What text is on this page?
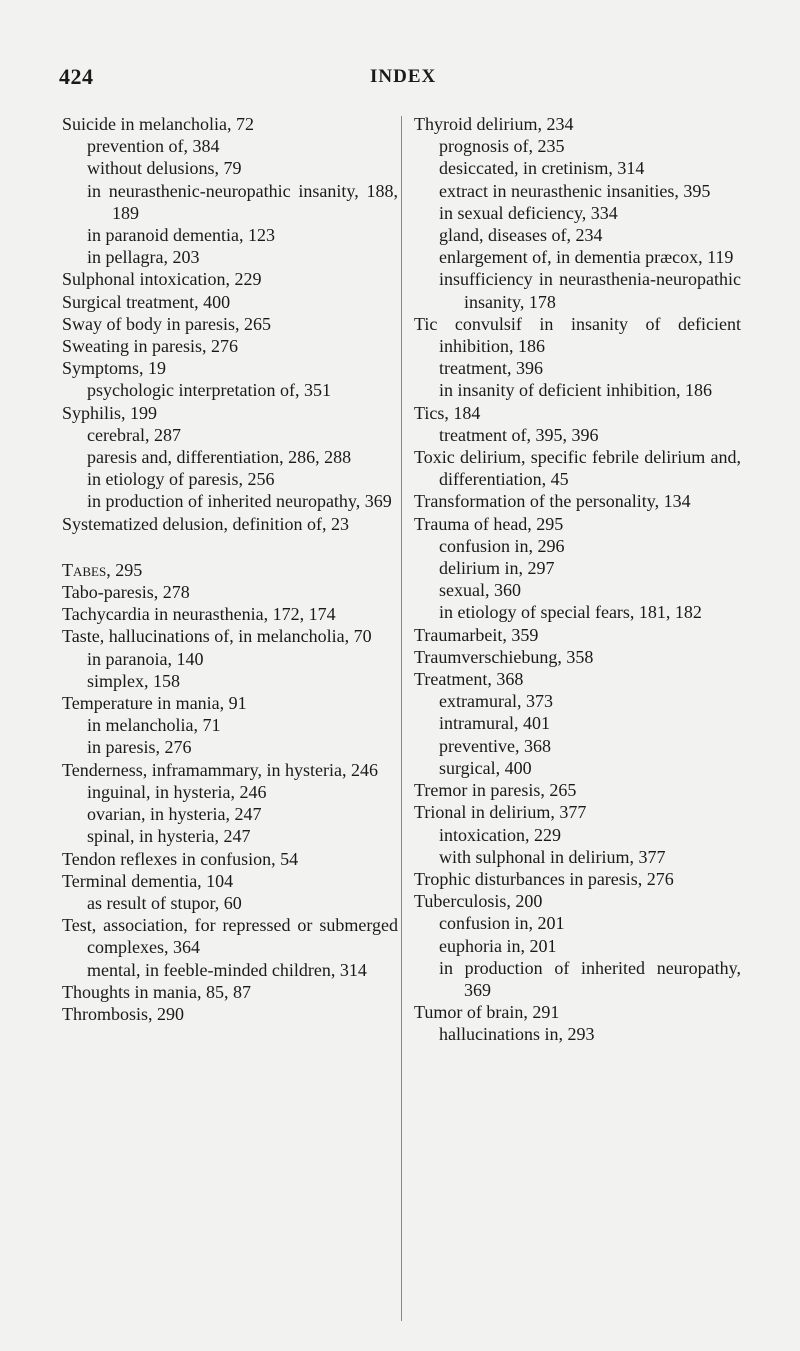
424	INDEX
Suicide in melancholia, 72
prevention of, 384
without delusions, 79
in neurasthenic-neuropathic insanity, 188, 189
in paranoid dementia, 123
in pellagra, 203
Sulphonal intoxication, 229
Surgical treatment, 400
Sway of body in paresis, 265
Sweating in paresis, 276
Symptoms, 19
psychologic interpretation of, 351
Syphilis, 199
cerebral, 287
paresis and, differentiation, 286, 288
in etiology of paresis, 256
in production of inherited neuropathy, 369
Systematized delusion, definition of, 23
Tabes, 295
Tabo-paresis, 278
Tachycardia in neurasthenia, 172, 174
Taste, hallucinations of, in melancholia, 70
in paranoia, 140
simplex, 158
Temperature in mania, 91
in melancholia, 71
in paresis, 276
Tenderness, inframammary, in hysteria, 246
inguinal, in hysteria, 246
ovarian, in hysteria, 247
spinal, in hysteria, 247
Tendon reflexes in confusion, 54
Terminal dementia, 104
as result of stupor, 60
Test, association, for repressed or submerged complexes, 364
mental, in feeble-minded children, 314
Thoughts in mania, 85, 87
Thrombosis, 290
Thyroid delirium, 234
prognosis of, 235
desiccated, in cretinism, 314
extract in neurasthenic insanities, 395
in sexual deficiency, 334
gland, diseases of, 234
enlargement of, in dementia præcox, 119
insufficiency in neurasthenia-neuropathic insanity, 178
Tic convulsif in insanity of deficient inhibition, 186
treatment, 396
in insanity of deficient inhibition, 186
Tics, 184
treatment of, 395, 396
Toxic delirium, specific febrile delirium and, differentiation, 45
Transformation of the personality, 134
Trauma of head, 295
confusion in, 296
delirium in, 297
sexual, 360
in etiology of special fears, 181, 182
Traumarbeit, 359
Traumverschiebung, 358
Treatment, 368
extramural, 373
intramural, 401
preventive, 368
surgical, 400
Tremor in paresis, 265
Trional in delirium, 377
intoxication, 229
with sulphonal in delirium, 377
Trophic disturbances in paresis, 276
Tuberculosis, 200
confusion in, 201
euphoria in, 201
in production of inherited neuropathy, 369
Tumor of brain, 291
hallucinations in, 293
